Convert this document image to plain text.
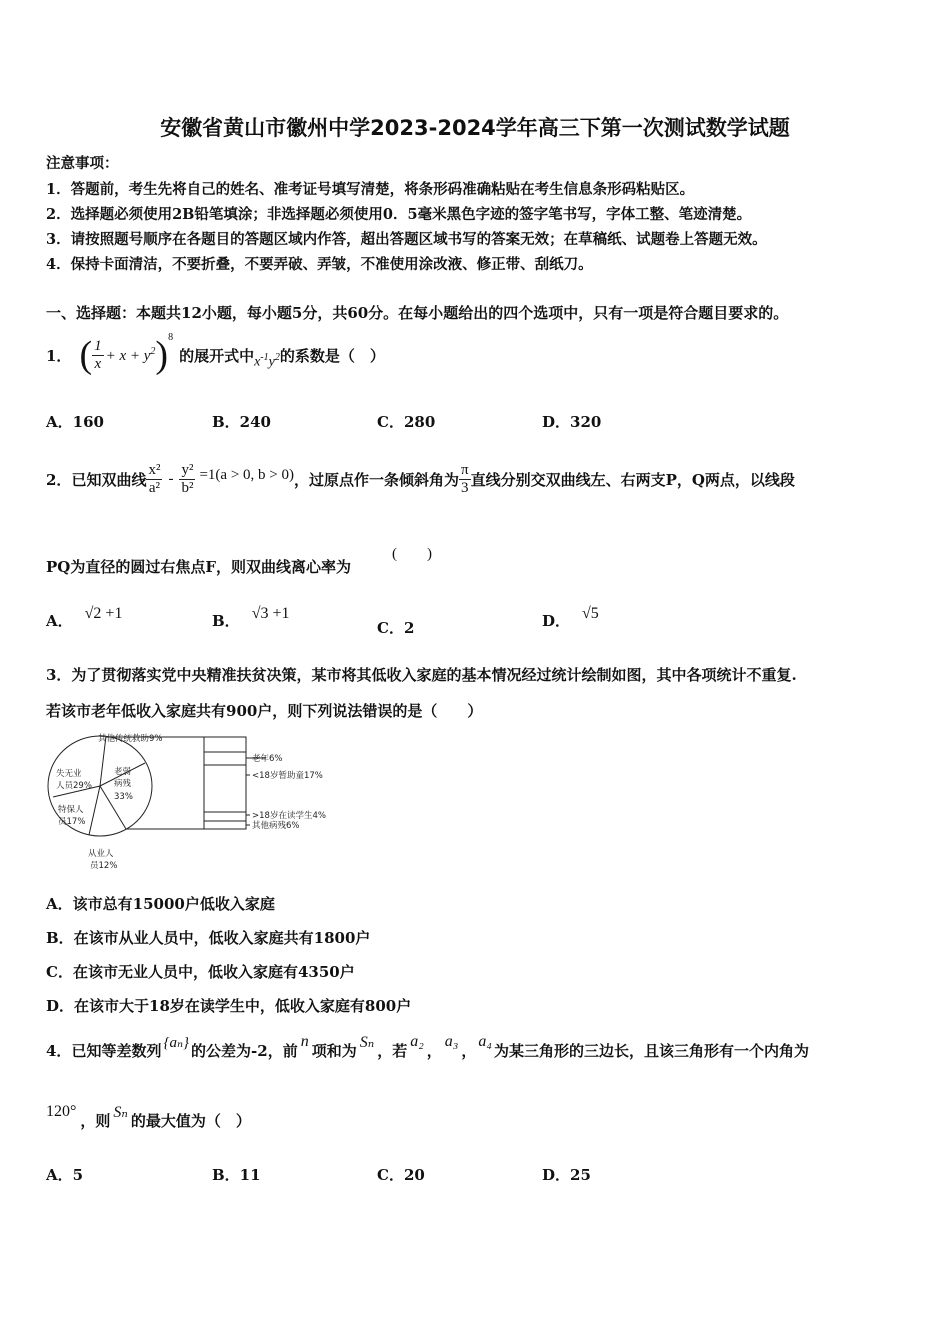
安徽省黄山市徽州中学2023-2024学年高三下第一次测试数学试题
注意事项：
1．答题前，考生先将自己的姓名、准考证号填写清楚，将条形码准确粘贴在考生信息条形码粘贴区。
2．选择题必须使用2B铅笔填涂；非选择题必须使用0．5毫米黑色字迹的签字笔书写，字体工整、笔迹清楚。
3．请按照题号顺序在各题目的答题区域内作答，超出答题区域书写的答案无效；在草稿纸、试题卷上答题无效。
4．保持卡面清洁，不要折叠，不要弄破、弄皱，不准使用涂改液、修正带、刮纸刀。
一、选择题：本题共12小题，每小题5分，共60分。在每小题给出的四个选项中，只有一项是符合题目要求的。
1． ( $\frac{1}{x} + x + y^2$ ) 8
的展开式中 $x^{-1}y^2$ 的系数是（　）
A．160	B．240	C．280	D．320
2． 已知双曲线 $\frac{\text{x²}}{\text{a²}} - \frac{\text{y²}}{\text{b²}} =1(a > 0$, b > 0) ，过原点作一条倾斜角为 $\frac{\pi}{3}$ 直线分别交双曲线左、右两支P，Q两点，以线段
PQ为直径的圆过右焦点F，则双曲线离心率为
(　　)
A． √2 +1	B． √3 +1
C．2	D． √5
3．为了贯彻落实党中央精准扶贫决策，某市将其低收入家庭的基本情况经过统计绘制如图，其中各项统计不重复.
若该市老年低收入家庭共有900户，则下列说法错误的是（　　）
其他传统救助9%
失无业
人员29%
特保人
员17%
从业人
员12%
老弱
病残
33%
老年6%
<18岁暂助童17%
>18岁在读学生4%
其他病残6%
A．该市总有15000户低收入家庭
B．在该市从业人员中，低收入家庭共有1800户
C．在该市无业人员中，低收入家庭有4350户
D．在该市大于18岁在读学生中，低收入家庭有800户
4． 已知等差数列 {aₙ} 的公差为-2，前 n 项和为 Sₙ ，若 a₂ ， a₃ ， a₄ 为某三角形的三边长，且该三角形有一个内角为
120° ，则 Sₙ 的最大值为（　）
A．5	B．11	C．20	D．25
